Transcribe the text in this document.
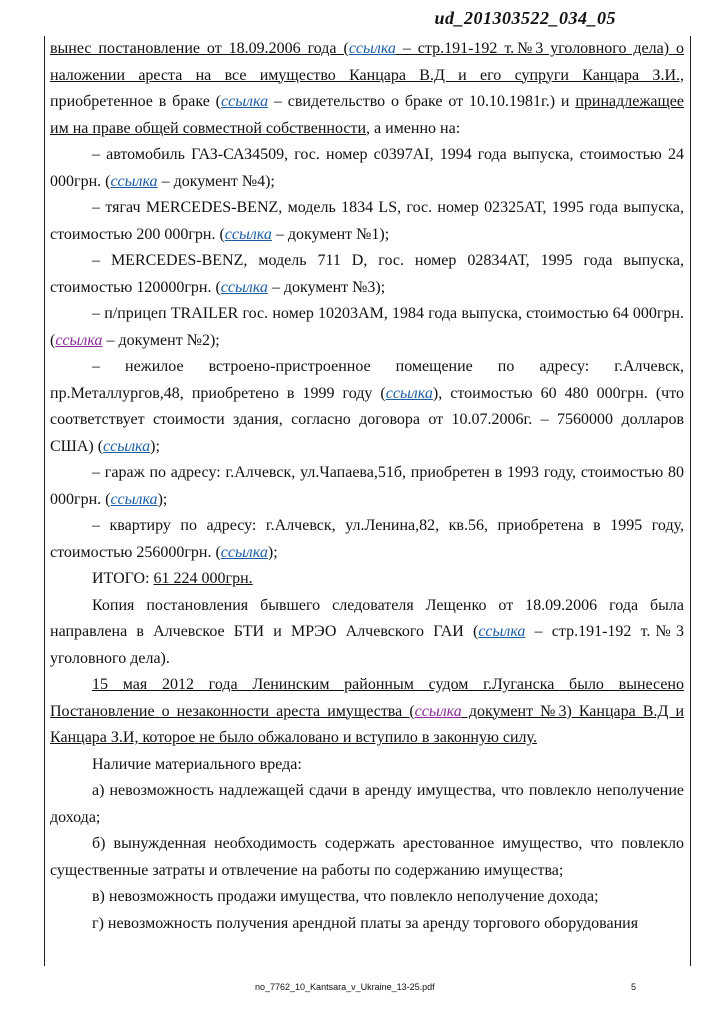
ud_201303522_034_05

вынес постановление от 18.09.2006 года (ссылка – стр.191-192 т.№3 уголовного дела) о наложении ареста на все имущество Канцара В.Д и его супруги Канцара З.И., приобретенное в браке (ссылка – свидетельство о браке от 10.10.1981г.) и принадлежащее им на праве общей совместной собственности, а именно на:

– автомобиль ГАЗ-САЗ4509, гос. номер с0397АІ, 1994 года выпуска, стоимостью 24 000грн. (ссылка – документ №4);

– тягач MERCEDES-BENZ, модель 1834 LS, гос. номер 02325АТ, 1995 года выпуска, стоимостью 200 000грн. (ссылка – документ №1);

– MERCEDES-BENZ, модель 711 D, гос. номер 02834АТ, 1995 года выпуска, стоимостью 120000грн. (ссылка – документ №3);

– п/прицеп TRAILER гос. номер 10203АМ, 1984 года выпуска, стоимостью 64 000грн. (ссылка – документ №2);

– нежилое встроено-пристроенное помещение по адресу: г.Алчевск, пр.Металлургов,48, приобретено в 1999 году (ссылка), стоимостью 60 480 000грн. (что соответствует стоимости здания, согласно договора от 10.07.2006г. – 7560000 долларов США) (ссылка);

– гараж по адресу: г.Алчевск, ул.Чапаева,51б, приобретен в 1993 году, стоимостью 80 000грн. (ссылка);

– квартиру по адресу: г.Алчевск, ул.Ленина,82, кв.56, приобретена в 1995 году, стоимостью 256000грн. (ссылка);

ИТОГО: 61 224 000грн.

Копия постановления бывшего следователя Лещенко от 18.09.2006 года была направлена в Алчевское БТИ и МРЭО Алчевского ГАИ (ссылка – стр.191-192 т.№3 уголовного дела).

15 мая 2012 года Ленинским районным судом г.Луганска было вынесено Постановление о незаконности ареста имущества (ссылка документ №3) Канцара В.Д и Канцара З.И, которое не было обжаловано и вступило в законную силу.

Наличие материального вреда:

а) невозможность надлежащей сдачи в аренду имущества, что повлекло неполучение дохода;

б) вынужденная необходимость содержать арестованное имущество, что повлекло существенные затраты и отвлечение на работы по содержанию имущества;

в) невозможность продажи имущества, что повлекло неполучение дохода;

г) невозможность получения арендной платы за аренду торгового оборудования

no_7762_10_Kantsara_v_Ukraine_13-25.pdf	5
